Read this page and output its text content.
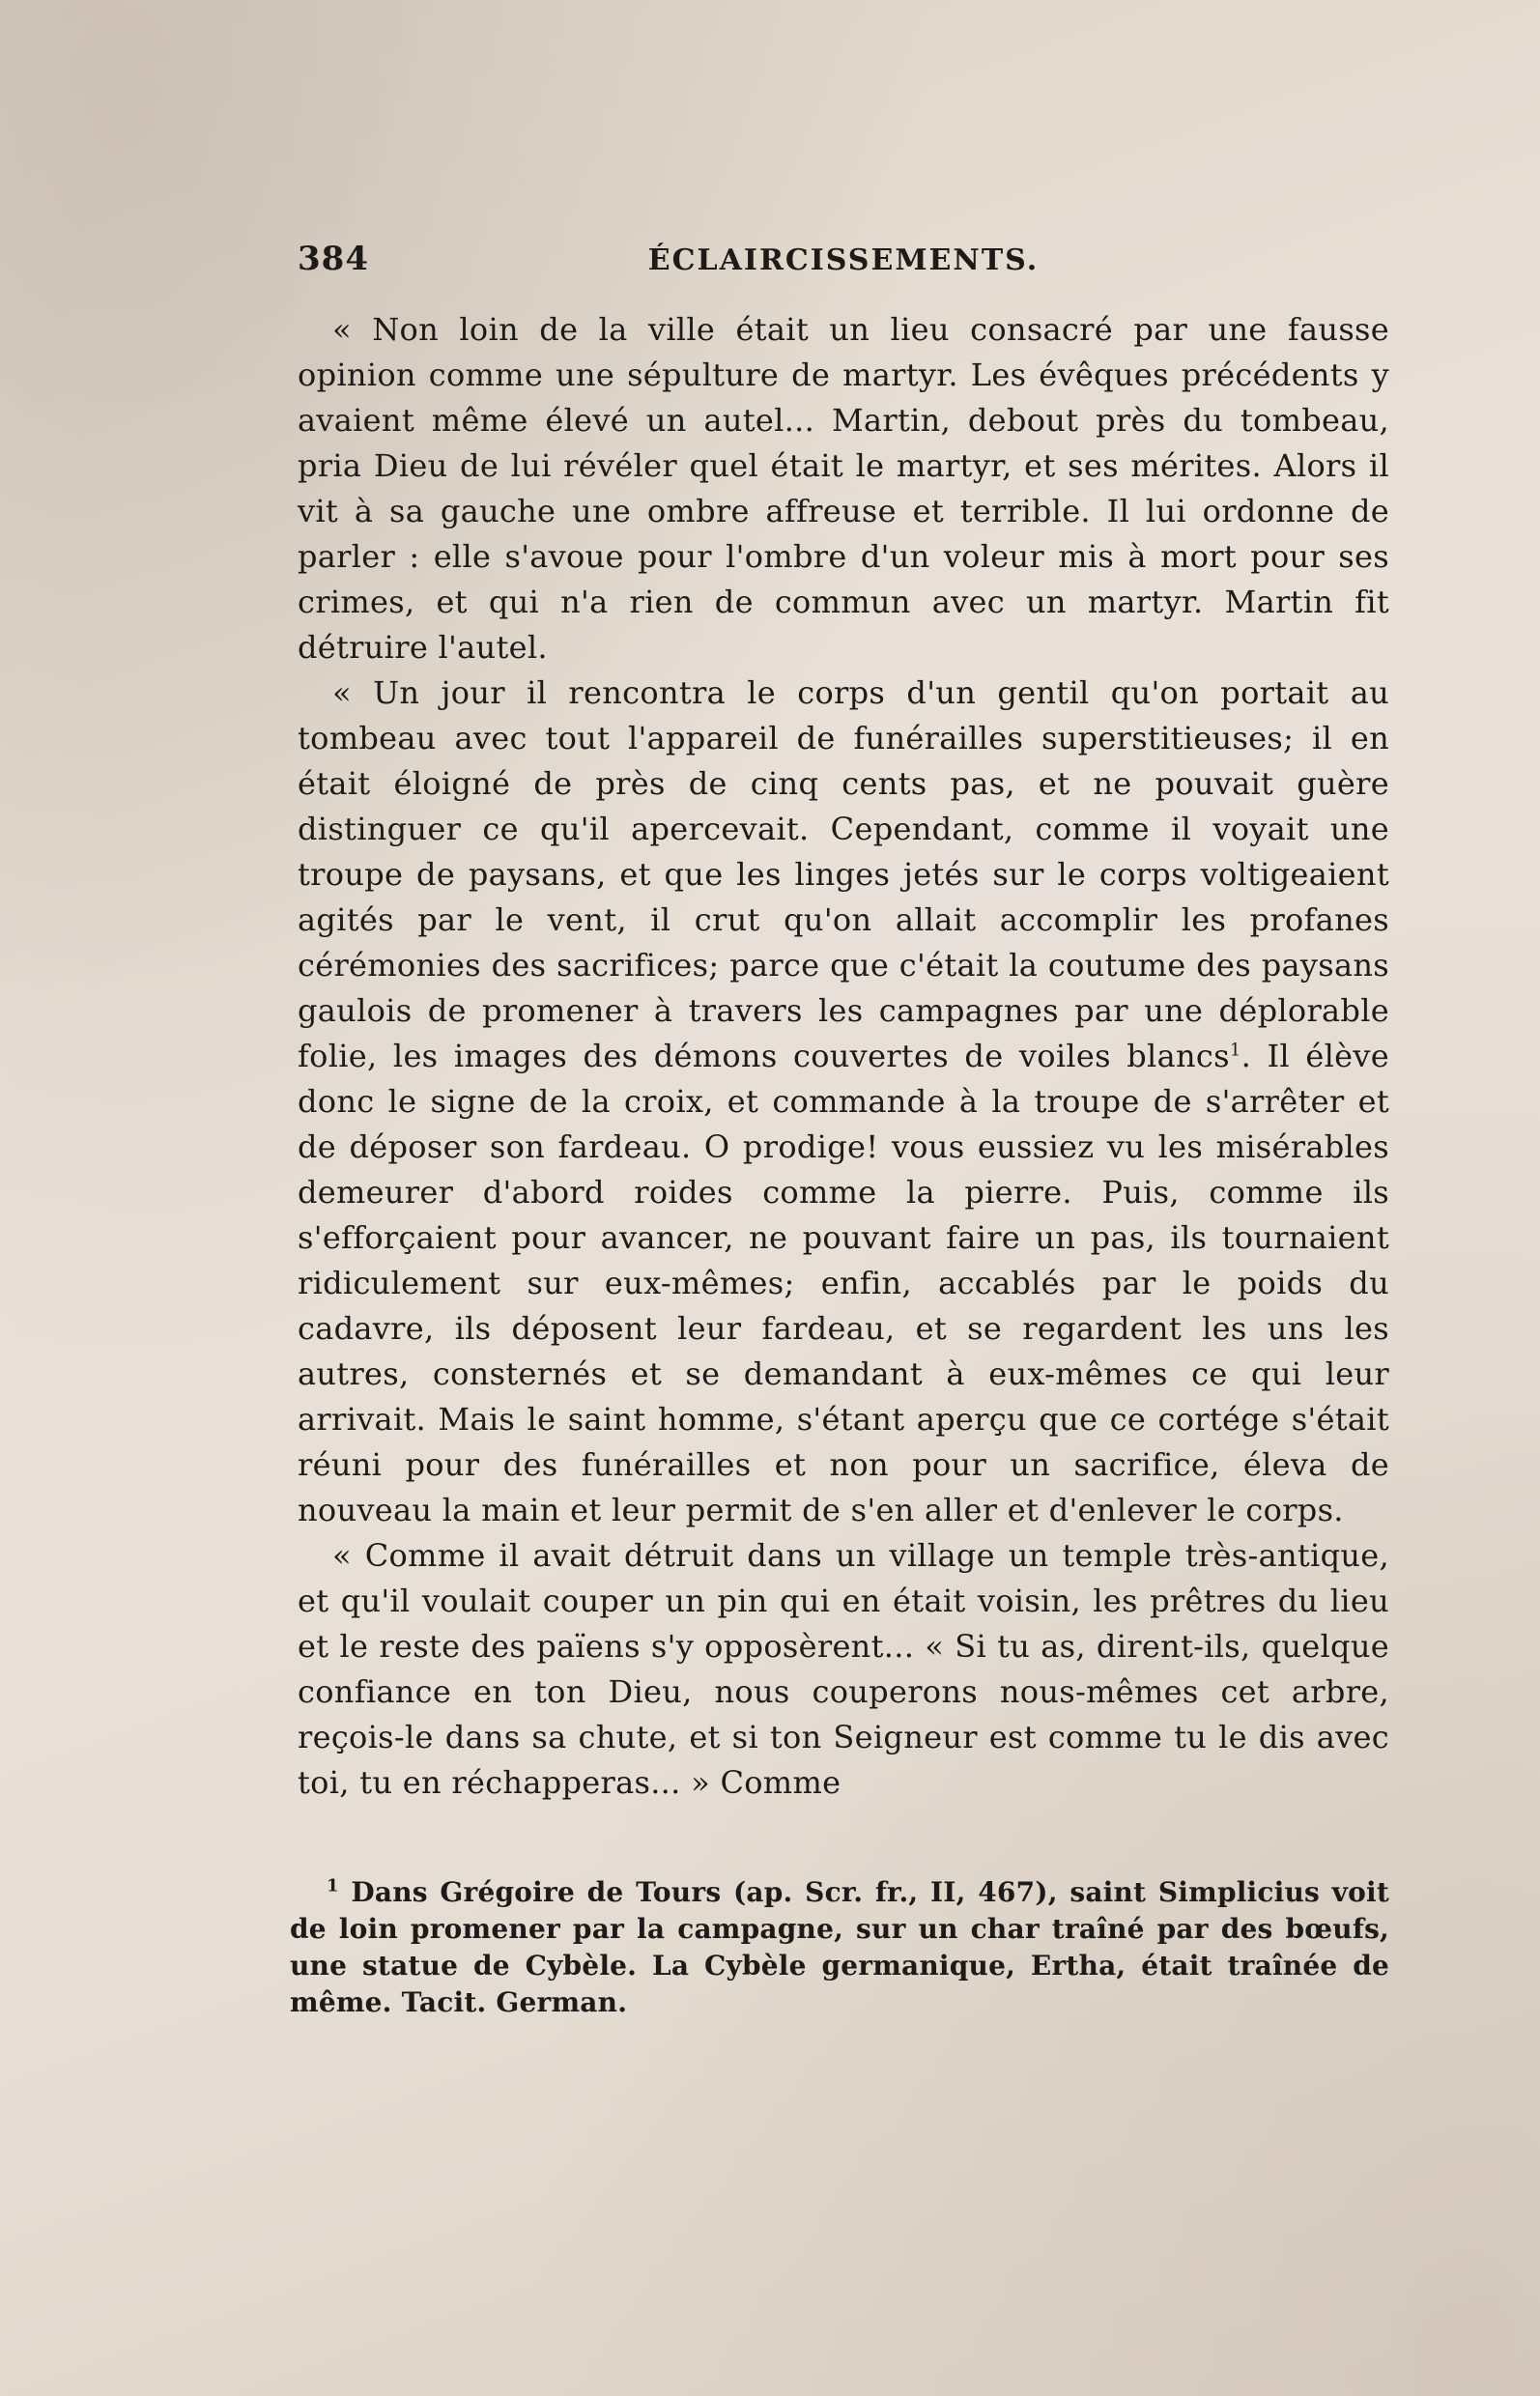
384	ÉCLAIRCISSEMENTS.

« Non loin de la ville était un lieu consacré par une fausse opinion comme une sépulture de martyr. Les évêques précédents y avaient même élevé un autel... Martin, debout près du tombeau, pria Dieu de lui révéler quel était le martyr, et ses mérites. Alors il vit à sa gauche une ombre affreuse et terrible. Il lui ordonne de parler : elle s'avoue pour l'ombre d'un voleur mis à mort pour ses crimes, et qui n'a rien de commun avec un martyr. Martin fit détruire l'autel.

« Un jour il rencontra le corps d'un gentil qu'on portait au tombeau avec tout l'appareil de funérailles superstitieuses; il en était éloigné de près de cinq cents pas, et ne pouvait guère distinguer ce qu'il apercevait. Cependant, comme il voyait une troupe de paysans, et que les linges jetés sur le corps voltigeaient agités par le vent, il crut qu'on allait accomplir les profanes cérémonies des sacrifices; parce que c'était la coutume des paysans gaulois de promener à travers les campagnes par une déplorable folie, les images des démons couvertes de voiles blancs$^1$. Il élève donc le signe de la croix, et commande à la troupe de s'arrêter et de déposer son fardeau. O prodige! vous eussiez vu les misérables demeurer d'abord roides comme la pierre. Puis, comme ils s'efforçaient pour avancer, ne pouvant faire un pas, ils tournaient ridiculement sur eux-mêmes; enfin, accablés par le poids du cadavre, ils déposent leur fardeau, et se regardent les uns les autres, consternés et se demandant à eux-mêmes ce qui leur arrivait. Mais le saint homme, s'étant aperçu que ce cortége s'était réuni pour des funérailles et non pour un sacrifice, éleva de nouveau la main et leur permit de s'en aller et d'enlever le corps.

« Comme il avait détruit dans un village un temple très-antique, et qu'il voulait couper un pin qui en était voisin, les prêtres du lieu et le reste des païens s'y opposèrent... « Si tu as, dirent-ils, quelque confiance en ton Dieu, nous couperons nous-mêmes cet arbre, reçois-le dans sa chute, et si ton Seigneur est comme tu le dis avec toi, tu en réchapperas... » Comme

$^1$ Dans Grégoire de Tours (ap. Scr. fr., II, 467), saint Simplicius voit de loin promener par la campagne, sur un char traîné par des bœufs, une statue de Cybèle. La Cybèle germanique, Ertha, était traînée de même. Tacit. German.
